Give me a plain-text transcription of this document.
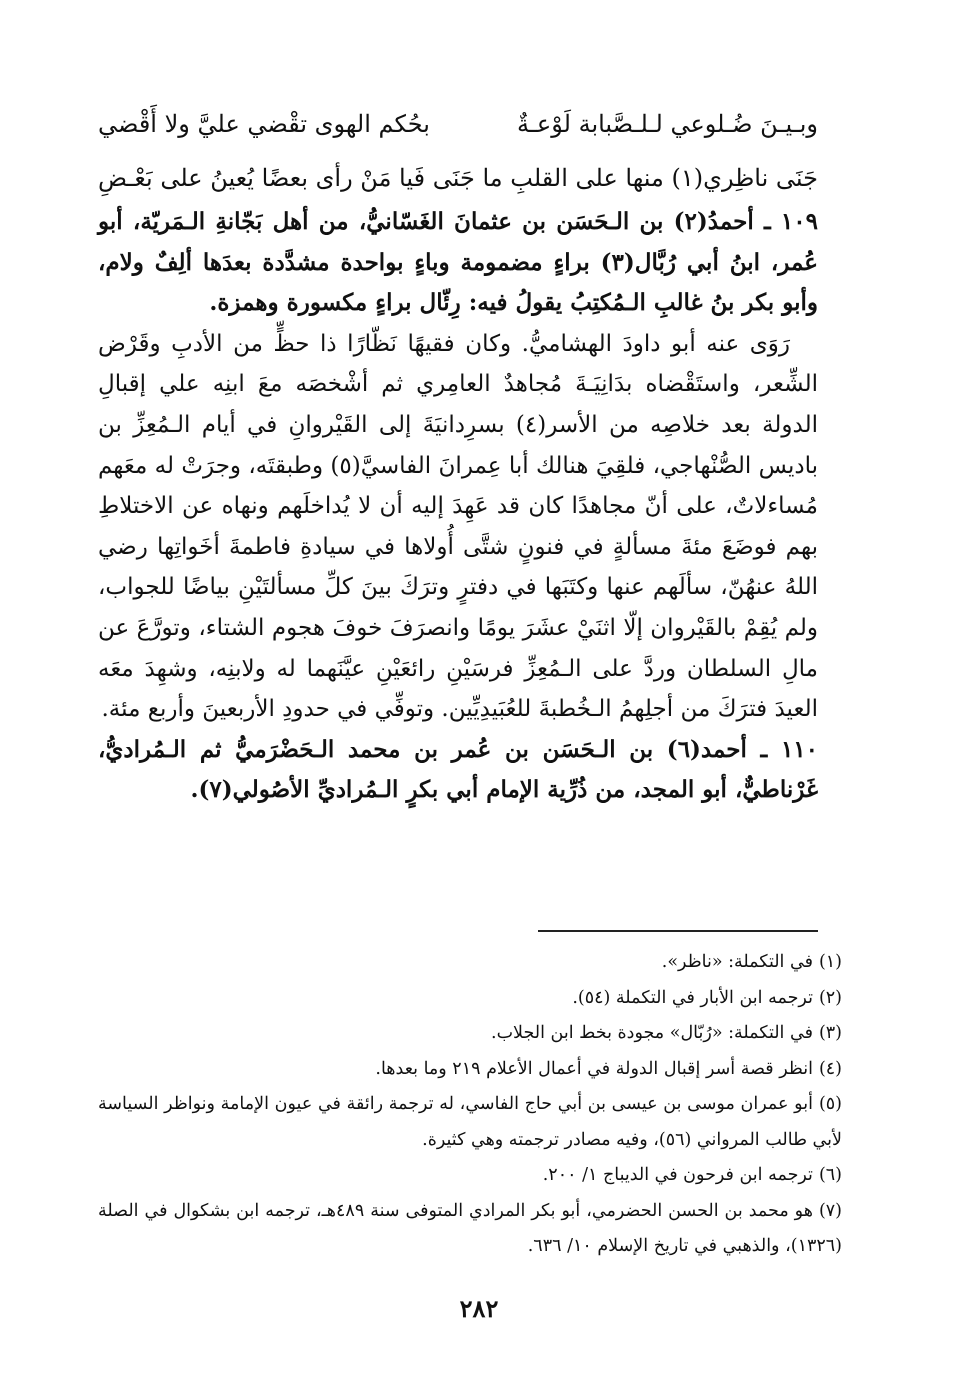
وبـيـنَ ضُـلوعي لـلـصَّبابة لَوْعـةٌ
بحُكم الهوى تقْضي عليَّ ولا أَقْضي
جَنَى ناظِري(١) منها على القلبِ ما جَنَى
فَيا مَنْ رأى بعضًا يُعينُ على بَعْـضِ

١٠٩ ـ أحمدُ(٢) بن الـحَسَن بن عثمانَ الغَسّانيُّ، من أهل بَجّانةِ الـمَريّة، أبو عُمر، ابنُ أبي رُبَّال(٣) براءٍ مضمومة وباءٍ بواحدة مشدَّدة بعدَها ألِفٌ ولام، وأبو بكر بنُ غالبِ الـمُكتِبُ يقولُ فيه: رِئّال براءٍ مكسورة وهمزة.

رَوَى عنه أبو داودَ الهشاميُّ. وكان فقيهًا نَظّارًا ذا حظٍّ من الأدبِ وقَرْض الشِّعر، واستَقْضاه بدَانِيَـةَ مُجاهدٌ العامِري ثم أشْخصَه معَ ابنِه علي إقبالِ الدولة بعد خلاصِه من الأسر(٤) بسرِدانيَةَ إلى القَيْروانِ في أيام الـمُعِزِّ بن باديس الصُّنْهاجي، فلقِيَ هنالك أبا عِمرانَ الفاسيَّ(٥) وطبقتَه، وجرَتْ له معَهم مُساءلاتٌ، على أنّ مجاهدًا كان قد عَهِدَ إليه أن لا يُداخلَهم ونهاه عن الاختلاطِ بهم فوضَعَ مئةَ مسألةٍ في فنونٍ شتَّى أُولاها في سيادةِ فاطمةَ أخَواتِها رضي اللهُ عنهُنّ، سألَهم عنها وكتَبَها في دفترٍ وترَكَ بينَ كلِّ مسألتَيْنِ بياضًا للجواب، ولم يُقِمْ بالقَيْروان إلّا اثنَيْ عشَرَ يومًا وانصرَفَ خوفَ هجوم الشتاء، وتورَّعَ عن مالِ السلطان وردَّ على الـمُعِزِّ فرسَيْنِ رائعَيْنِ عيَّنَهما له ولابنِه، وشهِدَ معَه العيدَ فترَكَ من أجلِهمُ الـخُطبةَ للعُبَيدِيِّين. وتوفِّي في حدودِ الأربعينَ وأربع مئة.

١١٠ ـ أحمد(٦) بن الـحَسَن بن عُمر بن محمد الـحَضْرَميُّ ثم الـمُراديُّ، غَرْناطيٌّ، أبو المجد، من ذُرِّية الإمام أبي بكرٍ الـمُراديِّ الأصُولي(٧).

(١)في التكملة: «ناظر».

(٢)ترجمه ابن الأبار في التكملة (٥٤).

(٣)في التكملة: «رُبّال» مجودة بخط ابن الجلاب.

(٤)انظر قصة أسر إقبال الدولة في أعمال الأعلام ٢١٩ وما بعدها.

(٥)أبو عمران موسى بن عيسى بن أبي حاج الفاسي، له ترجمة رائقة في عيون الإمامة ونواظر السياسة لأبي طالب المرواني (٥٦)، وفيه مصادر ترجمته وهي كثيرة.

(٦)ترجمه ابن فرحون في الديباج ١/ ٢٠٠.

(٧)هو محمد بن الحسن الحضرمي، أبو بكر المرادي المتوفى سنة ٤٨٩هـ، ترجمه ابن بشكوال في الصلة (١٣٢٦)، والذهبي في تاريخ الإسلام ١٠/ ٦٣٦.

٢٨٢
